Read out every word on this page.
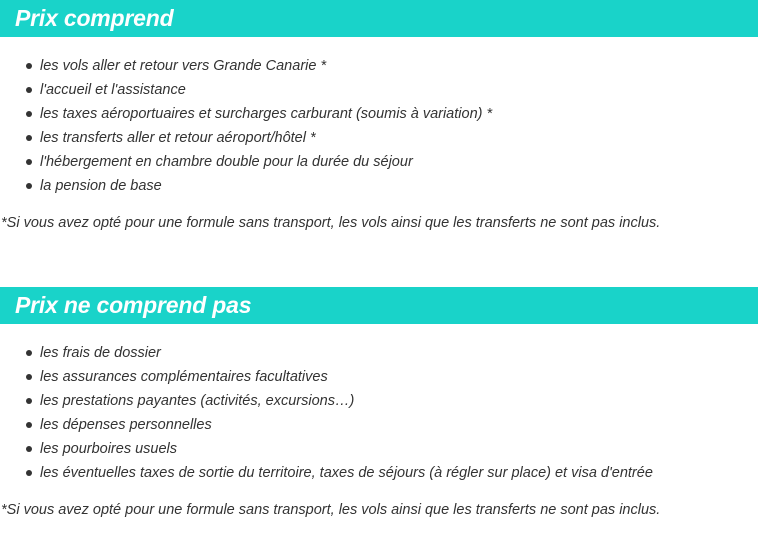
Prix comprend
les vols aller et retour vers Grande Canarie *
l'accueil et l'assistance
les taxes aéroportuaires et surcharges carburant (soumis à variation) *
les transferts aller et retour aéroport/hôtel *
l'hébergement en chambre double pour la durée du séjour
la pension de base
*Si vous avez opté pour une formule sans transport, les vols ainsi que les transferts ne sont pas inclus.
Prix ne comprend pas
les frais de dossier
les assurances complémentaires facultatives
les prestations payantes (activités, excursions…)
les dépenses personnelles
les pourboires usuels
les éventuelles taxes de sortie du territoire, taxes de séjours (à régler sur place) et visa d'entrée
*Si vous avez opté pour une formule sans transport, les vols ainsi que les transferts ne sont pas inclus.
